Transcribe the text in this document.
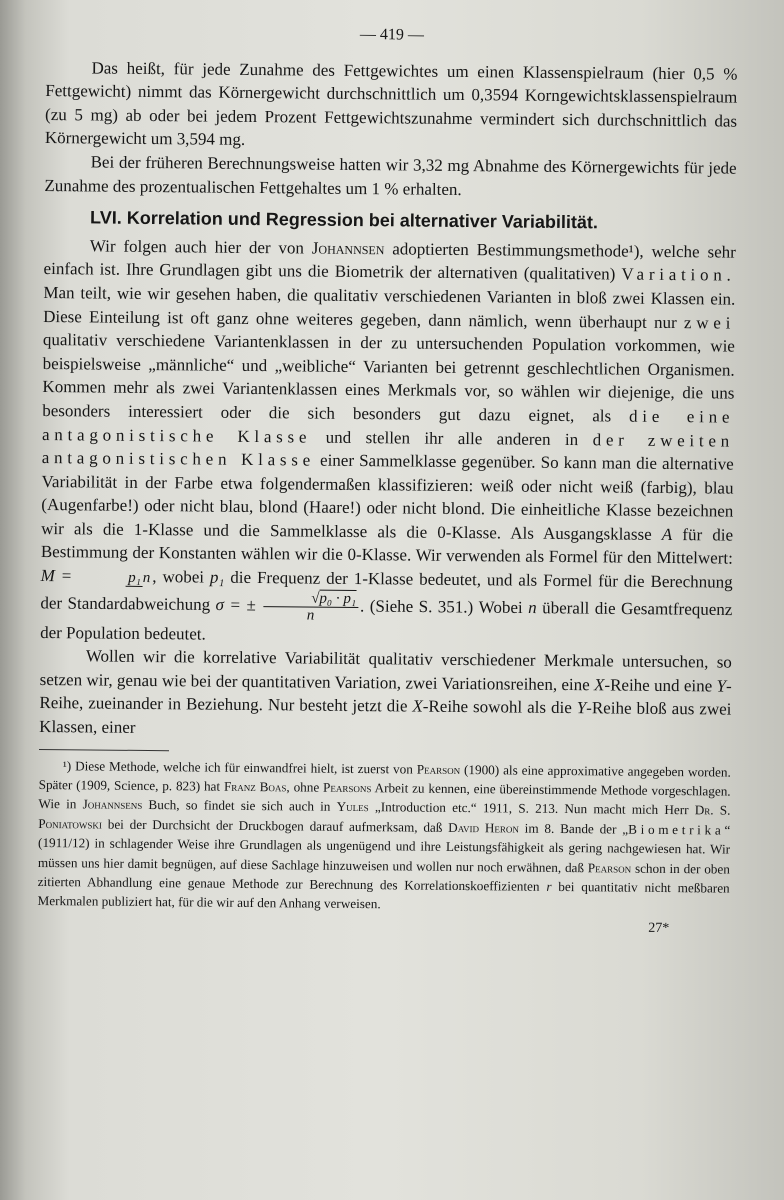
— 419 —

Das heißt, für jede Zunahme des Fettgewichtes um einen Klassenspielraum (hier 0,5 % Fettgewicht) nimmt das Körnergewicht durchschnittlich um 0,3594 Korngewichtsklassenspielraum (zu 5 mg) ab oder bei jedem Prozent Fettgewichtszunahme vermindert sich durchschnittlich das Körnergewicht um 3,594 mg.

Bei der früheren Berechnungsweise hatten wir 3,32 mg Abnahme des Körnergewichts für jede Zunahme des prozentualischen Fettgehaltes um 1 % erhalten.

LVI. Korrelation und Regression bei alternativer Variabilität.

Wir folgen auch hier der von Johannsen adoptierten Bestimmungsmethode¹), welche sehr einfach ist. Ihre Grundlagen gibt uns die Biometrik der alternativen (qualitativen) Variation. Man teilt, wie wir gesehen haben, die qualitativ verschiedenen Varianten in bloß zwei Klassen ein. Diese Einteilung ist oft ganz ohne weiteres gegeben, dann nämlich, wenn überhaupt nur zwei qualitativ verschiedene Variantenklassen in der zu untersuchenden Population vorkommen, wie beispielsweise „männliche“ und „weibliche“ Varianten bei getrennt geschlechtlichen Organismen. Kommen mehr als zwei Variantenklassen eines Merkmals vor, so wählen wir diejenige, die uns besonders interessiert oder die sich besonders gut dazu eignet, als die eine antagonistische Klasse und stellen ihr alle anderen in der zweiten antagonistischen Klasse einer Sammelklasse gegenüber. So kann man die alternative Variabilität in der Farbe etwa folgendermaßen klassifizieren: weiß oder nicht weiß (farbig), blau (Augenfarbe!) oder nicht blau, blond (Haare!) oder nicht blond. Die einheitliche Klasse bezeichnen wir als die 1-Klasse und die Sammelklasse als die 0-Klasse. Als Ausgangsklasse A für die Bestimmung der Konstanten wählen wir die 0-Klasse. Wir verwenden als Formel für den Mittelwert: M =	p₁ n , wobei p₁ die Frequenz der 1-Klasse bedeutet, und als Formel für die Berechnung der Standardabweichung σ = ± $\frac{\text{√p₀ · p₁}}{n}$ . (Siehe S. 351.) Wobei n überall die Gesamtfrequenz der Population bedeutet.

Wollen wir die korrelative Variabilität qualitativ verschiedener Merkmale untersuchen, so setzen wir, genau wie bei der quantitativen Variation, zwei Variationsreihen, eine X-Reihe und eine Y-Reihe, zueinander in Beziehung. Nur besteht jetzt die X-Reihe sowohl als die Y-Reihe bloß aus zwei Klassen, einer

¹) Diese Methode, welche ich für einwandfrei hielt, ist zuerst von Pearson (1900) als eine approximative angegeben worden. Später (1909, Science, p. 823) hat Franz Boas, ohne Pearsons Arbeit zu kennen, eine übereinstimmende Methode vorgeschlagen. Wie in Johannsens Buch, so findet sie sich auch in Yules „Introduction etc.“ 1911, S. 213. Nun macht mich Herr Dr. S. Poniatowski bei der Durchsicht der Druckbogen darauf aufmerksam, daß David Heron im 8. Bande der „Biometrika“ (1911/12) in schlagender Weise ihre Grundlagen als ungenügend und ihre Leistungsfähigkeit als gering nachgewiesen hat. Wir müssen uns hier damit begnügen, auf diese Sachlage hinzuweisen und wollen nur noch erwähnen, daß Pearson schon in der oben zitierten Abhandlung eine genaue Methode zur Berechnung des Korrelationskoeffizienten r bei quantitativ nicht meßbaren Merkmalen publiziert hat, für die wir auf den Anhang verweisen.

27*
